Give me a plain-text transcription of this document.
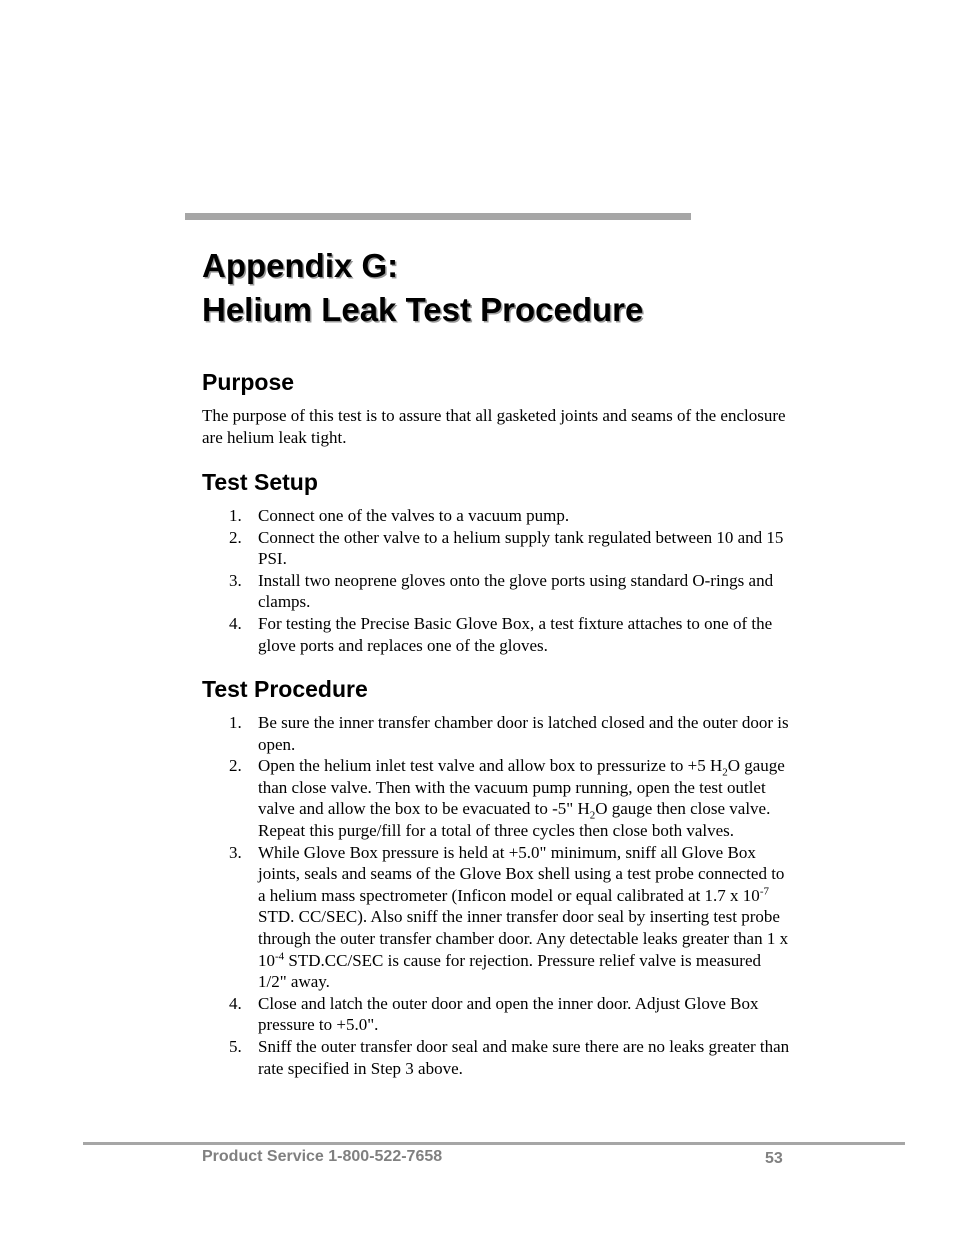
Appendix G:
Helium Leak Test Procedure
Purpose

The purpose of this test is to assure that all gasketed joints and seams of the enclosure are helium leak tight.

Test Setup
1. Connect one of the valves to a vacuum pump.
2. Connect the other valve to a helium supply tank regulated between 10 and 15 PSI.
3. Install two neoprene gloves onto the glove ports using standard O-rings and clamps.
4. For testing the Precise Basic Glove Box, a test fixture attaches to one of the glove ports and replaces one of the gloves.
Test Procedure
1. Be sure the inner transfer chamber door is latched closed and the outer door is open.
2. Open the helium inlet test valve and allow box to pressurize to +5 $H_2O$ gauge than close valve. Then with the vacuum pump running, open the test outlet valve and allow the box to be evacuated to -5" $H_2O$ gauge then close valve. Repeat this purge/fill for a total of three cycles then close both valves.
3. While Glove Box pressure is held at +5.0" minimum, sniff all Glove Box joints, seals and seams of the Glove Box shell using a test probe connected to a helium mass spectrometer (Inficon model or equal calibrated at 1.7 x $10^{-7}$ STD. CC/SEC). Also sniff the inner transfer door seal by inserting test probe through the outer transfer chamber door. Any detectable leaks greater than 1 x $10^{-4}$ STD.CC/SEC is cause for rejection. Pressure relief valve is measured 1/2" away.
4. Close and latch the outer door and open the inner door. Adjust Glove Box pressure to +5.0".
5. Sniff the outer transfer door seal and make sure there are no leaks greater than rate specified in Step 3 above.
Product Service 1-800-522-7658	53
